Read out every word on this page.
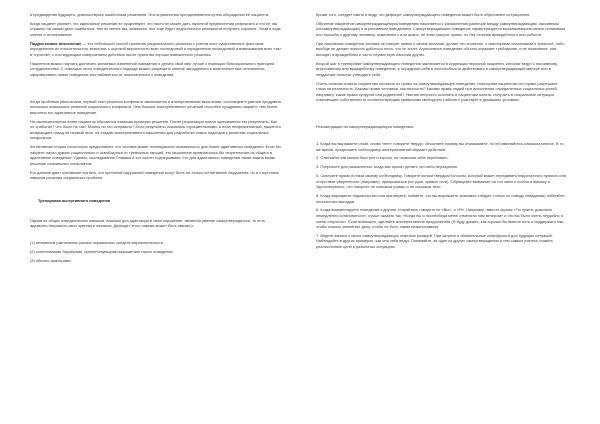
и предвидения будущего, довольствуясь ошибочным решением. Эти ограничения преодолеваются путем обсуждения её пациента.

Когда пациент уясняет, что идеальные решения не существуют, что никто не может дать гарантий предпочтения результата и что не так страшно на самом деле ошибиться, тем не менее мы, возможно, все еще будет недостаточно решимости получить хорошее. Этим в ходе снятия и исчезновения.

Подростковое исчисление — это небольшой способ принятия рационального решения с учетом всех существенных факторов: определение их относительного значения, с оценкой вероятности всех последствий и определение последствий и взвешивания всех «за» и «против», с последующим совершением действия после принятия хорошо взвешенного решения.

Пациентов можно научить достигать желаемых изменений поведения и делать свой мир лучше с помощью биосоциального принципа сотрудничества. С помощью этого поведенческого подхода можно разрешить многие затруднения в межличностных отношениях, сформировать новое поведение или избавиться от нежелательного поведения.

Когда проблема распознана, первый этап решения конфликта заключается в альтернативном мышлении, состоящем в умении придумать несколько возможных решений социального конфликта. Чем больше альтернативных решений способен придумать пациент, тем более вероятно его адаптивное поведение.

На заключительном этапе пациенты обучаются навыкам проверки решения. После реализации плана оцениваются его результаты. Как он сработал? Что было не так? Можно ли это исправить? Если результаты оказались отрицательными, и план неэффективный, пациента возвращают назад на первый этап, на стадию альтернативного мышления для разработки новых подходов к решению социальных конфликтов.

Когнитивная теория психологии предполагает, что человек может потенциально возможность для более адаптивного поведения. Если бы пациент начал думать рационально и освободился от тревожных эмоций, это мышление превратилось бы теоретически из общего в адаптивное поведение. Однако, исследования Спивака и его коллег подчеркивают, что для адаптивного поведения также важна вновь решение социальных конфликтов.

Его данные дают основание считать, что причиной нарушений поведения могут быть не только когнитивные нарушения, но и отсутствие навыков решения социальных проблем.

Тренировка ассертивного поведения

Одним из общих поведенческих навыков, важным для адаптации в свою окружение, является умение самоутверждаться, то есть адекватно выражать свои чувства и желания. Дефицит этого навыка может быть связан с:

(1) незнанием различения разных нормальных средств выразительности

(2) когнитивными барьерами, препятствующими выражению такого поведения

(3) обычно факторами.

Кроме того, следует иметь в виду, что дефицит самоутверждающего поведения может быть обусловлен ситуационно.

Обучение пациентов самоутверждающемуся поведению начинается с разъяснения различий между самоутверждающим, пассивным (несамоутверждающим) и агрессивным поведением. Самоутверждающее поведение характеризуется высказыванием своего понимания или просьбы к другому человеку, изменения к или жизнь, об этом говорят прямо, но без отличия враждебности или робости.

При пассивном поведении человек не говорит прямо о своем желании, делает это косвенно, с некоторыми опасениями и тревогой, либо вообще не делает попыток добиться этого, что он хочет. Агрессивное поведение обычно отражает требование, и не пожелание, они выходят в враждебном и часто неуместную насилии других.

Второй шаг в тренировке самоутверждающего поведения заключается в коррекции персоной пациента, которые ведут к пассивному, агрессивному или враждебному поведению, в осуждении себя в неспособности действовать в самоутверждающей манере или в неудачные попытки утвердить себя.

Очень полезно помочь пациентам осознать их право на самоутверждающее поведение, некоторым пациентам это право разрешают глаза на реальность. Каковы права человека, как личности? Каковы права людей при исполнении определенных социальных ролей, например, какие права супругов или родителей? Умение непросто осознать и пациентам понять, получить в социальные ситуации, отвечающее собственности соответствующим привычкам свободного рабочего участвует в домашних условиях.

Рекомендации по самоутверждающемуся поведению:

1. Когда вы выражаете отказ, слово «нет» говорите твердо; объясните почему вы отказываете, но не извиняйтесь слишком многое. В то же время, предложите собеседнику альтернативный вариант действий.

2. Отвечайте как можно быстрее и короче, не позволяя себе перебивать.

3. Попросите для разъяснения, когда вас просят делать что-либо неразумное.

4. Смотрите прямо в глаза своему собеседнику. Говорите ясным твердым голосом, который может передавать недостаточно прямого или отсутствие уверенности (например, прикрываться рот руки, кривые ноги). Обращайте внимание на тон своего голоса и мимику и. Удостоверьтесь, что говорите не слишком громко и не слишком тихо.

5. Когда выражаете недовольство или критикуете, поймите, что вы выражаете значимое следует только по поводу поведения) избегайте личностных выпадов.

6. Когда комментируете поведение к другим, старайтесь говорить не «Вы», а «Я». Например, вместо фразы «Ты нужен, довольно немедленно остановиться», лучше сказать так: «Когда вы и послеобеда меню отменили нам вечером» и что вы было очень неудобно и очень огорчило». Если возможно, сделайте альтернативное предложение (Я буду думать, как хорошо бы вместе есть и поддержать нас, чтобы помочь семейные день, чтобы не быть таким невыносимым).

7. Ведите записи о своих самоутверждающих отметках реакций. При затрате и обязательные очередности для будущих ситуаций. Наблюдайте в других примерах, как они себя ведут. Понимайте, за один из других самоутверждения и тем самым учитесь ставить реалистичные цели в различных ситуациях.
